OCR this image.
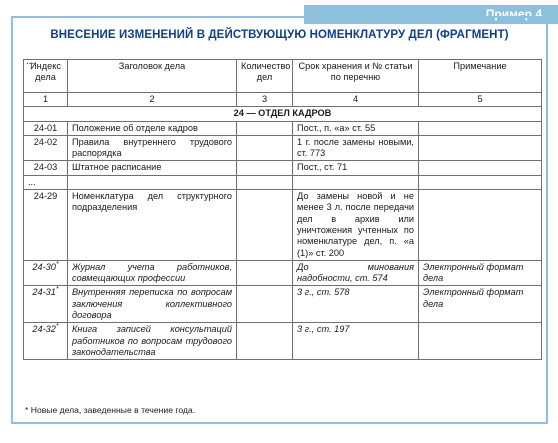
Пример 4
ВНЕСЕНИЕ ИЗМЕНЕНИЙ В ДЕЙСТВУЮЩУЮ НОМЕНКЛАТУРУ ДЕЛ (ФРАГМЕНТ)
...
Индекс дела	Заголовок дела	Количество дел	Срок хранения и № статьи по перечню	Примечание
1	2	3	4	5
24 — ОТДЕЛ КАДРОВ				
24-01	Положение об отделе кадров		Пост., п. «а» ст. 55	
24-02	Правила внутреннего трудового распорядка		1 г. после замены новыми, ст. 773	
24-03	Штатное расписание		Пост., ст. 71	
...				
24-29	Номенклатура дел структурного подразделения		До замены новой и не менее 3 л. после передачи дел в архив или уничтожения учтенных по номенклатуре дел, п. «а (1)» ст. 200	
24-30*	Журнал учета работников, совмещающих профессии		До минования надобности, ст. 574	Электронный формат дела
24-31*	Внутренняя переписка по вопросам заключения коллективного договора		3 г., ст. 578	Электронный формат дела
24-32*	Книга записей консультаций работников по вопросам трудового законодательства		3 г., ст. 197	
* Новые дела, заведенные в течение года.
